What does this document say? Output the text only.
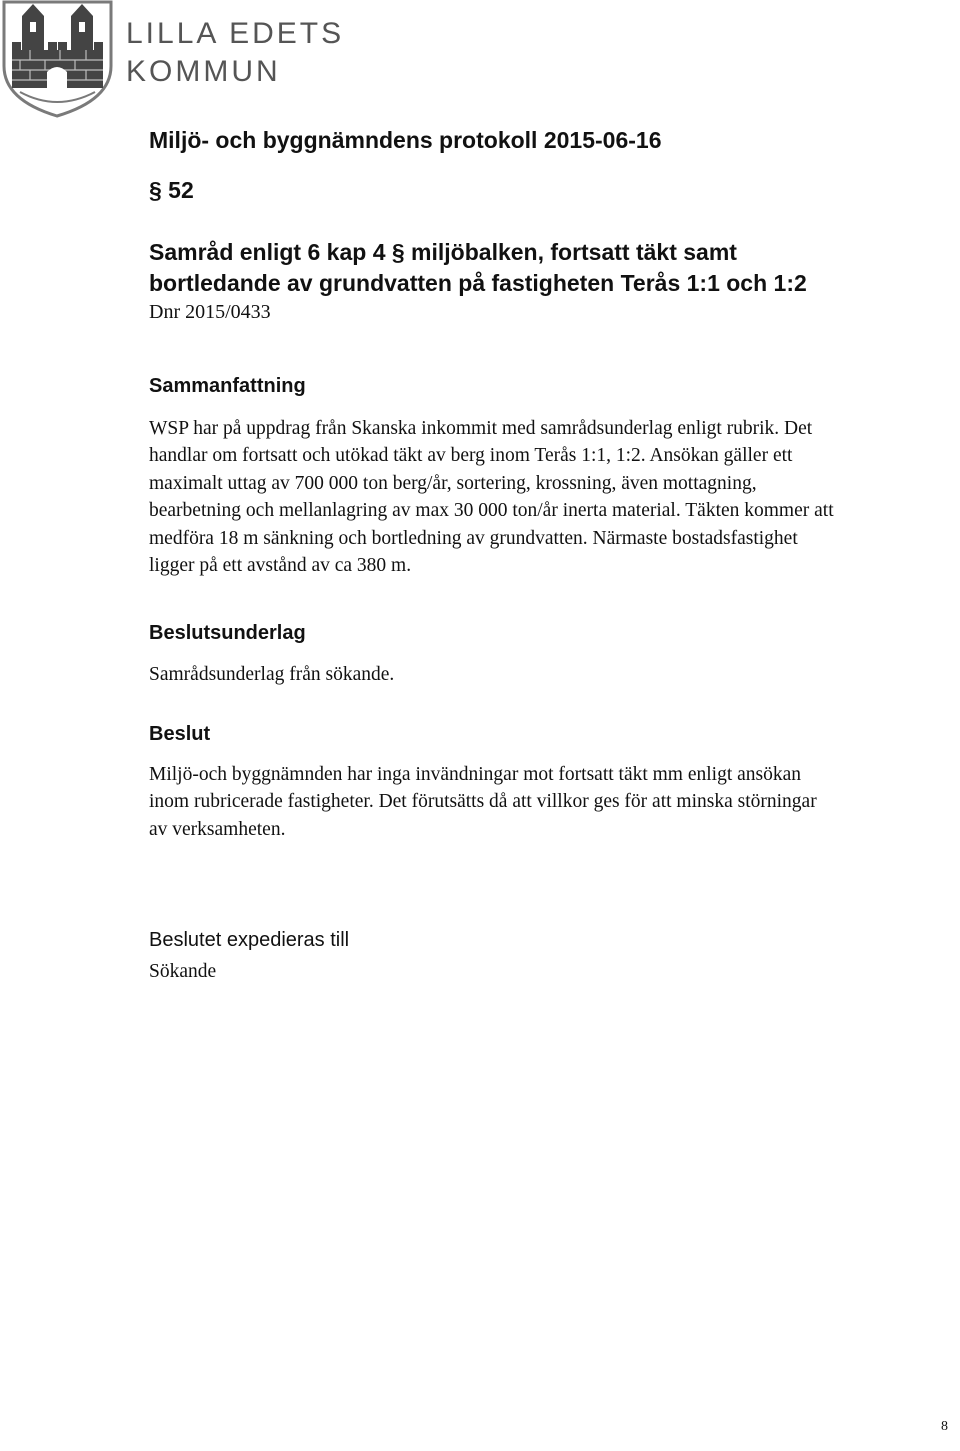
LILLA EDETS
KOMMUN
Miljö- och byggnämndens protokoll 2015-06-16
§ 52
Samråd enligt 6 kap 4 § miljöbalken, fortsatt täkt samt
bortledande av grundvatten på fastigheten Terås 1:1 och 1:2
Dnr 2015/0433
Sammanfattning
WSP har på uppdrag från Skanska inkommit med samrådsunderlag enligt rubrik. Det
handlar om fortsatt och utökad täkt av berg inom Terås 1:1, 1:2. Ansökan gäller ett
maximalt uttag av 700 000 ton berg/år, sortering, krossning, även mottagning,
bearbetning och mellanlagring av max 30 000 ton/år inerta material. Täkten kommer att
medföra 18 m sänkning och bortledning av grundvatten. Närmaste bostadsfastighet
ligger på ett avstånd av ca 380 m.
Beslutsunderlag
Samrådsunderlag från sökande.
Beslut
Miljö-och byggnämnden har inga invändningar mot fortsatt täkt mm enligt ansökan
inom rubricerade fastigheter. Det förutsätts då att villkor ges för att minska störningar
av verksamheten.
Beslutet expedieras till
Sökande
8
